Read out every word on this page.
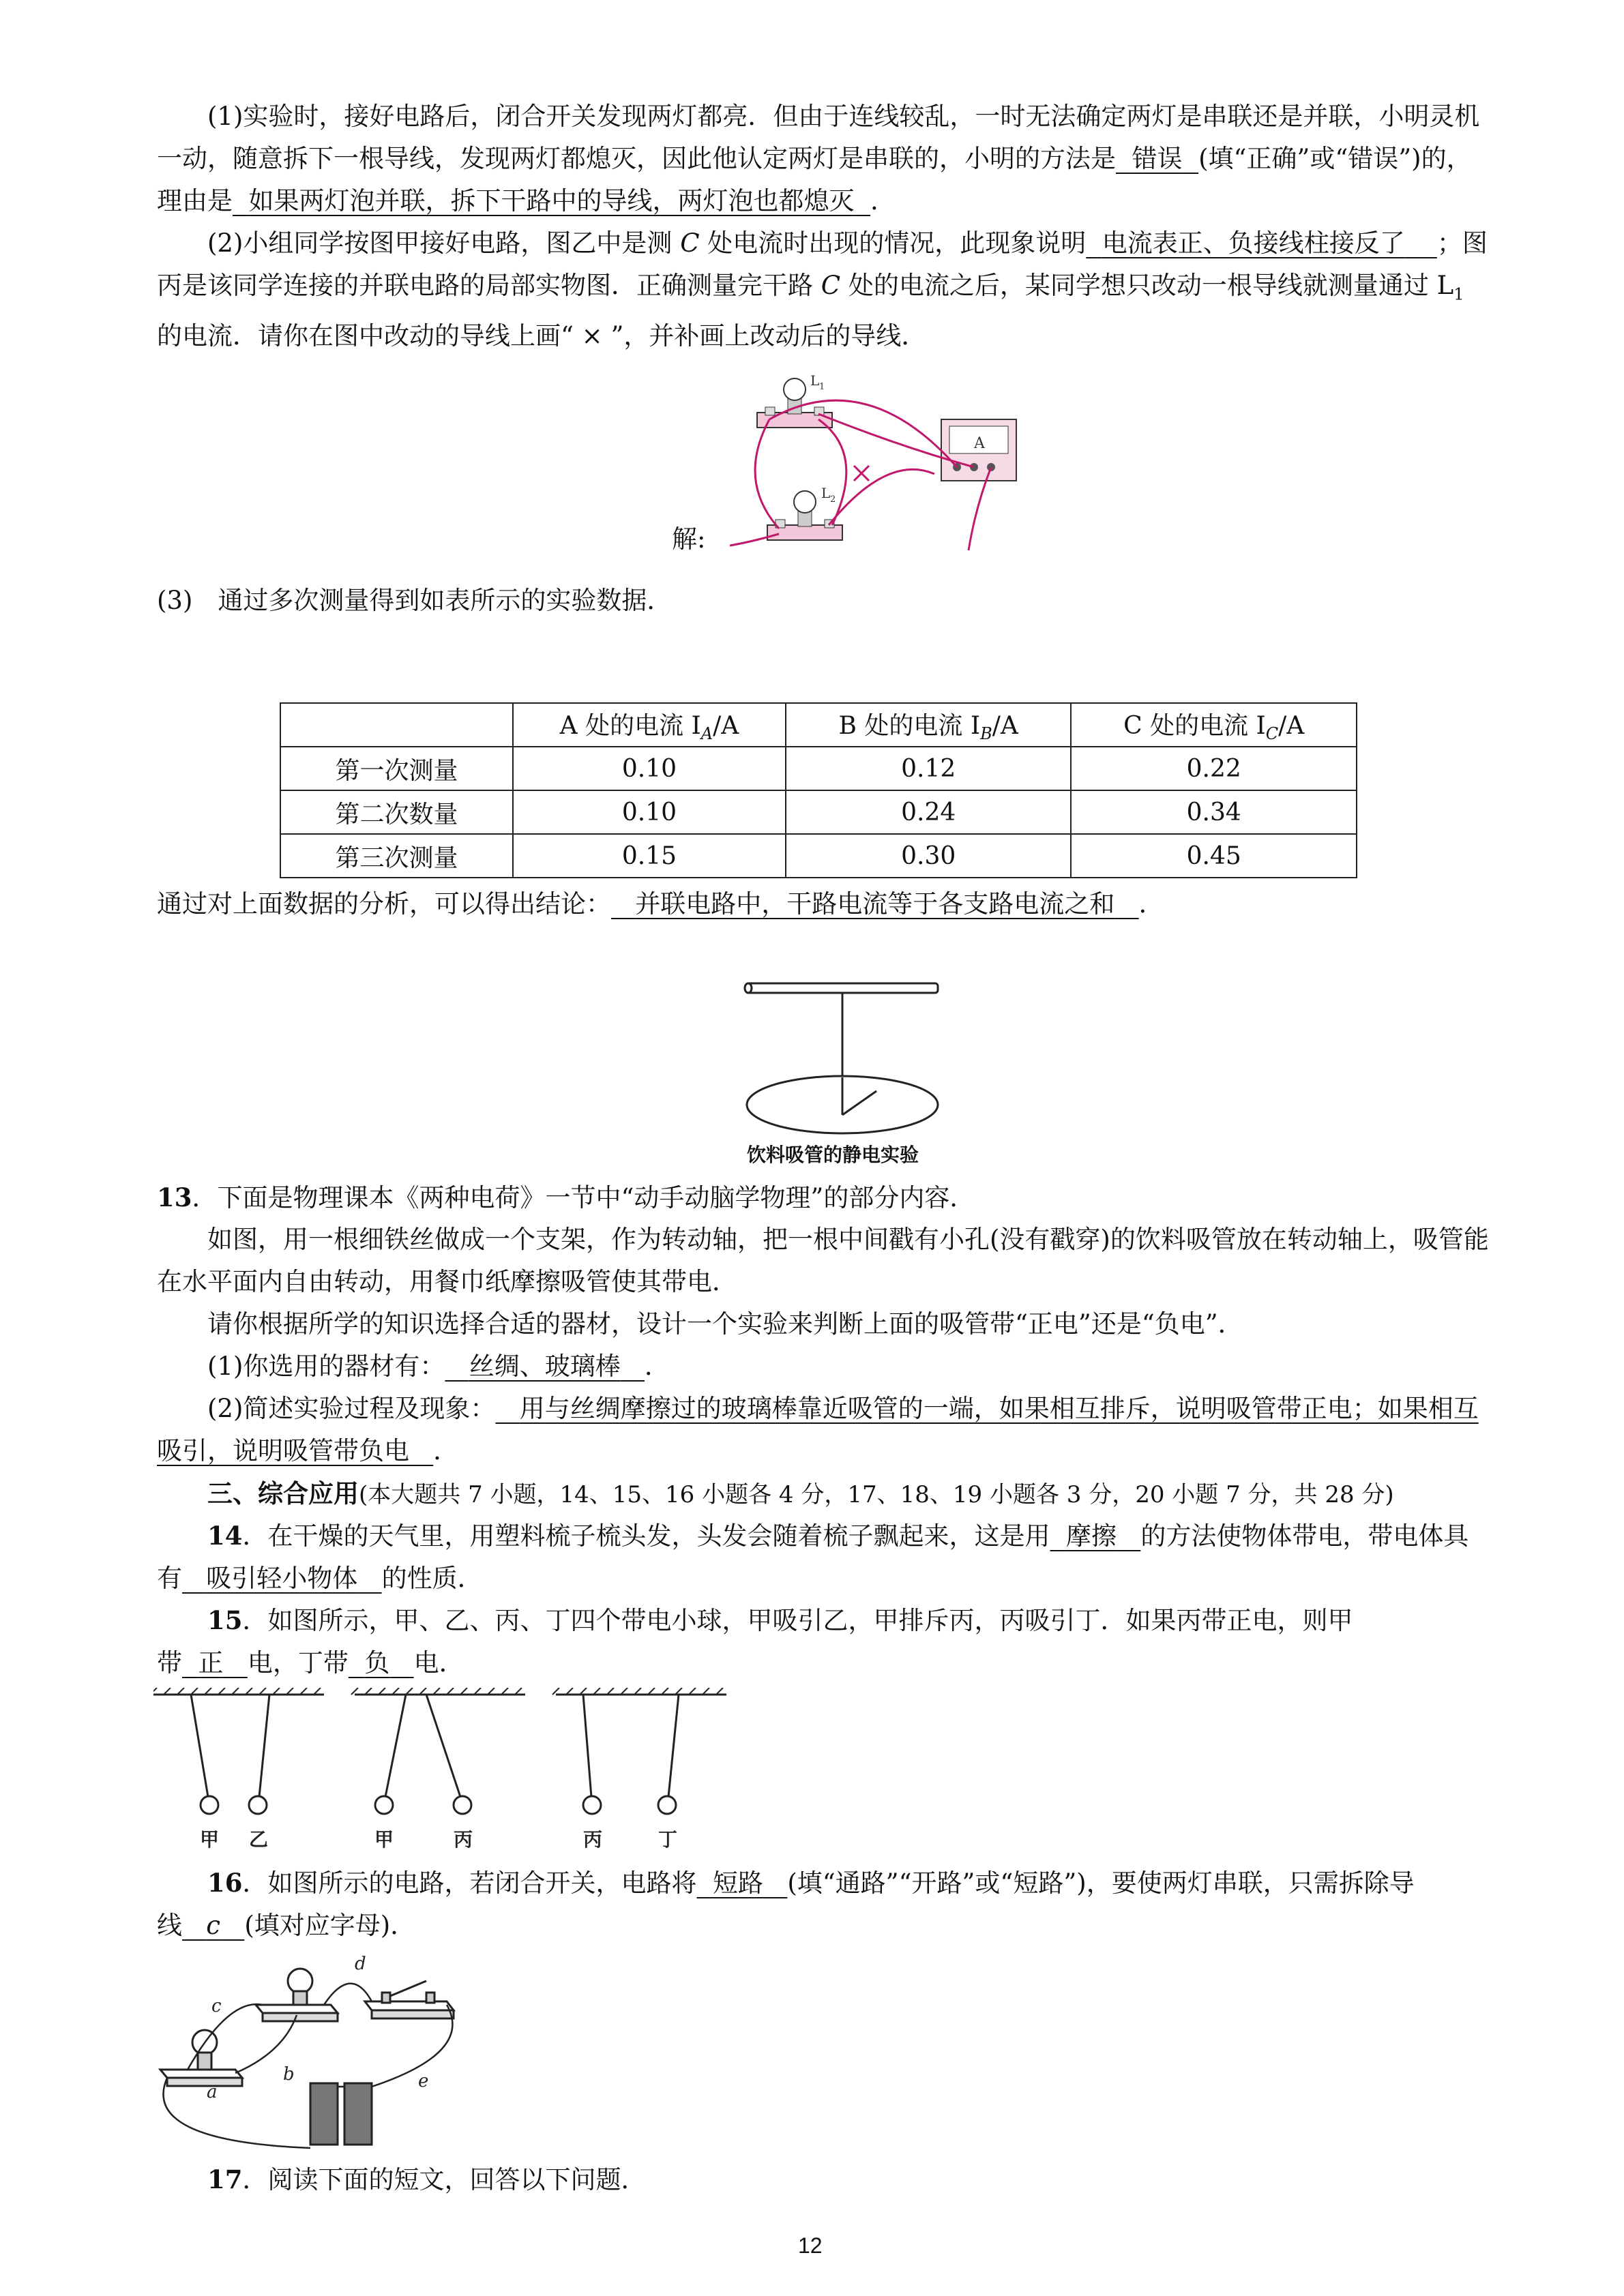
(1)实验时，接好电路后，闭合开关发现两灯都亮．但由于连线较乱，一时无法确定两灯是串联还是并联，小明灵机一动，随意拆下一根导线，发现两灯都熄灭，因此他认定两灯是串联的，小明的方法是 错误 (填“正确”或“错误”)的，理由是 如果两灯泡并联，拆下干路中的导线，两灯泡也都熄灭 ．

(2)小组同学按图甲接好电路，图乙中是测 C 处电流时出现的情况，此现象说明 电流表正、负接线柱接反了 ；图丙是该同学连接的并联电路的局部实物图．正确测量完干路 C 处的电流之后，某同学想只改动一根导线就测量通过 $L_1$ 的电流．请你在图中改动的导线上画“ × ”，并补画上改动后的导线．

解:
L 1
L 2
A

(3)　通过多次测量得到如表所示的实验数据．

	A 处的电流 $I_A/A$	B 处的电流 $I_B/A$	C 处的电流 $I_C/A$
第一次测量	0.10	0.12	0.22
第二次数量	0.10	0.24	0.34
第三次测量	0.15	0.30	0.45

通过对上面数据的分析，可以得出结论： 并联电路中，干路电流等于各支路电流之和 ．

饮料吸管的静电实验

13．下面是物理课本《两种电荷》一节中“动手动脑学物理”的部分内容．

如图，用一根细铁丝做成一个支架，作为转动轴，把一根中间戳有小孔(没有戳穿)的饮料吸管放在转动轴上，吸管能在水平面内自由转动，用餐巾纸摩擦吸管使其带电．

请你根据所学的知识选择合适的器材，设计一个实验来判断上面的吸管带“正电”还是“负电”．

(1)你选用的器材有： 丝绸、玻璃棒 ．

(2)简述实验过程及现象： 用与丝绸摩擦过的玻璃棒靠近吸管的一端，如果相互排斥，说明吸管带正电；如果相互吸引，说明吸管带负电 ．

三、综合应用(本大题共 7 小题，14、15、16 小题各 4 分，17、18、19 小题各 3 分，20 小题 7 分，共 28 分)

14．在干燥的天气里，用塑料梳子梳头发，头发会随着梳子飘起来，这是用 摩擦 的方法使物体带电，带电体具有 吸引轻小物体 的性质．

15．如图所示，甲、乙、丙、丁四个带电小球，甲吸引乙，甲排斥丙，丙吸引丁．如果丙带正电，则甲带 正 电，丁带 负 电．

甲 乙	甲	丙	丙	丁

16．如图所示的电路，若闭合开关，电路将 短路 (填“通路”“开路”或“短路”)，要使两灯串联，只需拆除导线 c (填对应字母)．

a
b
c
d
e

17．阅读下面的短文，回答以下问题．

12
